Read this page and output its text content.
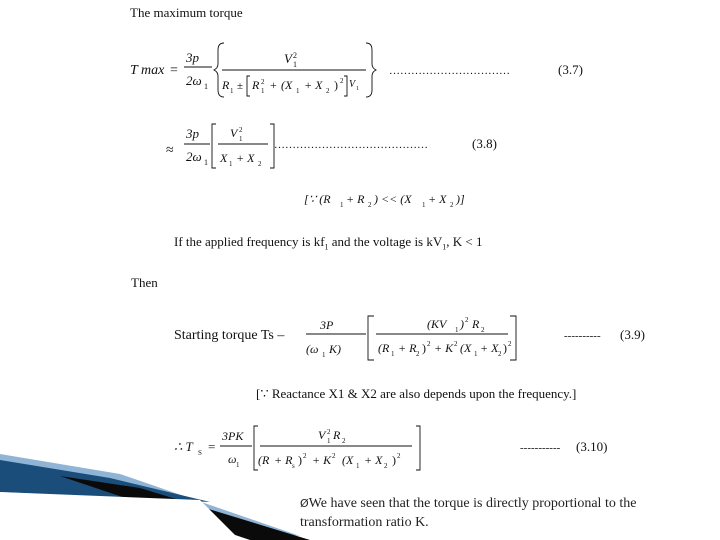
The maximum torque
T max =
3p
2ω 1
V 2
1
R 1 ± R 2
1 + (X 1 + X 2 ) 2 V 1
……………………………	(3.7)
≈
3p
2ω 1
V 2
1
X 1 + X 2
……………………………………	(3.8)
[∵ (R 1 + R 2 ) << (X 1 + X 2 )]
If the applied frequency is $kf_1$ and the voltage is $kV_1$, K < 1
Then
Starting torque Ts –
3P
(ω 1 K)
(KV 1 ) 2 R 2
(R 1 + R 2 ) 2 + K 2 (X 1 + X 2 ) 2
---------- (3.9)
[∵ Reactance X1 & X2 are also depends upon the frequency.]
∴ T S =
3PK
ω 1
V 2
1 R 2
(R + R s ) 2 + K 2 (X 1 + X 2 ) 2
----------- (3.10)
ØWe have seen that the torque is directly proportional to the
transformation ratio K.
